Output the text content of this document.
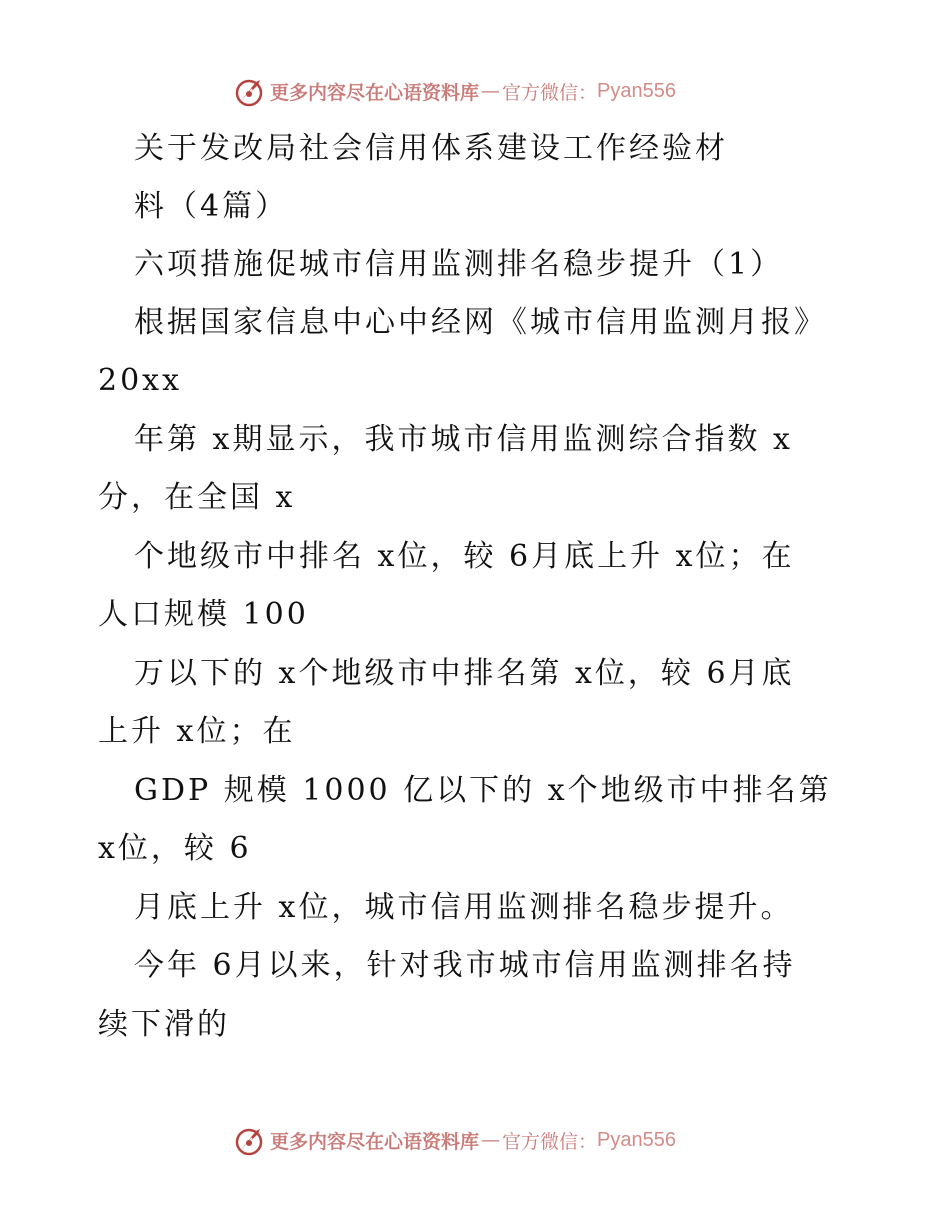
更多内容尽在心语资料库 — 官方微信： Pyan556
关于发改局社会信用体系建设工作经验材
料（4篇）
六项措施促城市信用监测排名稳步提升（1）
根据国家信息中心中经网《城市信用监测月报》
20xx
年第 x期显示，我市城市信用监测综合指数 x
分，在全国 x
个地级市中排名 x位，较 6月底上升 x位；在
人口规模 100
万以下的 x个地级市中排名第 x位，较 6月底
上升 x位；在
GDP 规模 1000 亿以下的 x个地级市中排名第
x位，较 6
月底上升 x位，城市信用监测排名稳步提升。
今年 6月以来，针对我市城市信用监测排名持
续下滑的
更多内容尽在心语资料库 — 官方微信： Pyan556
